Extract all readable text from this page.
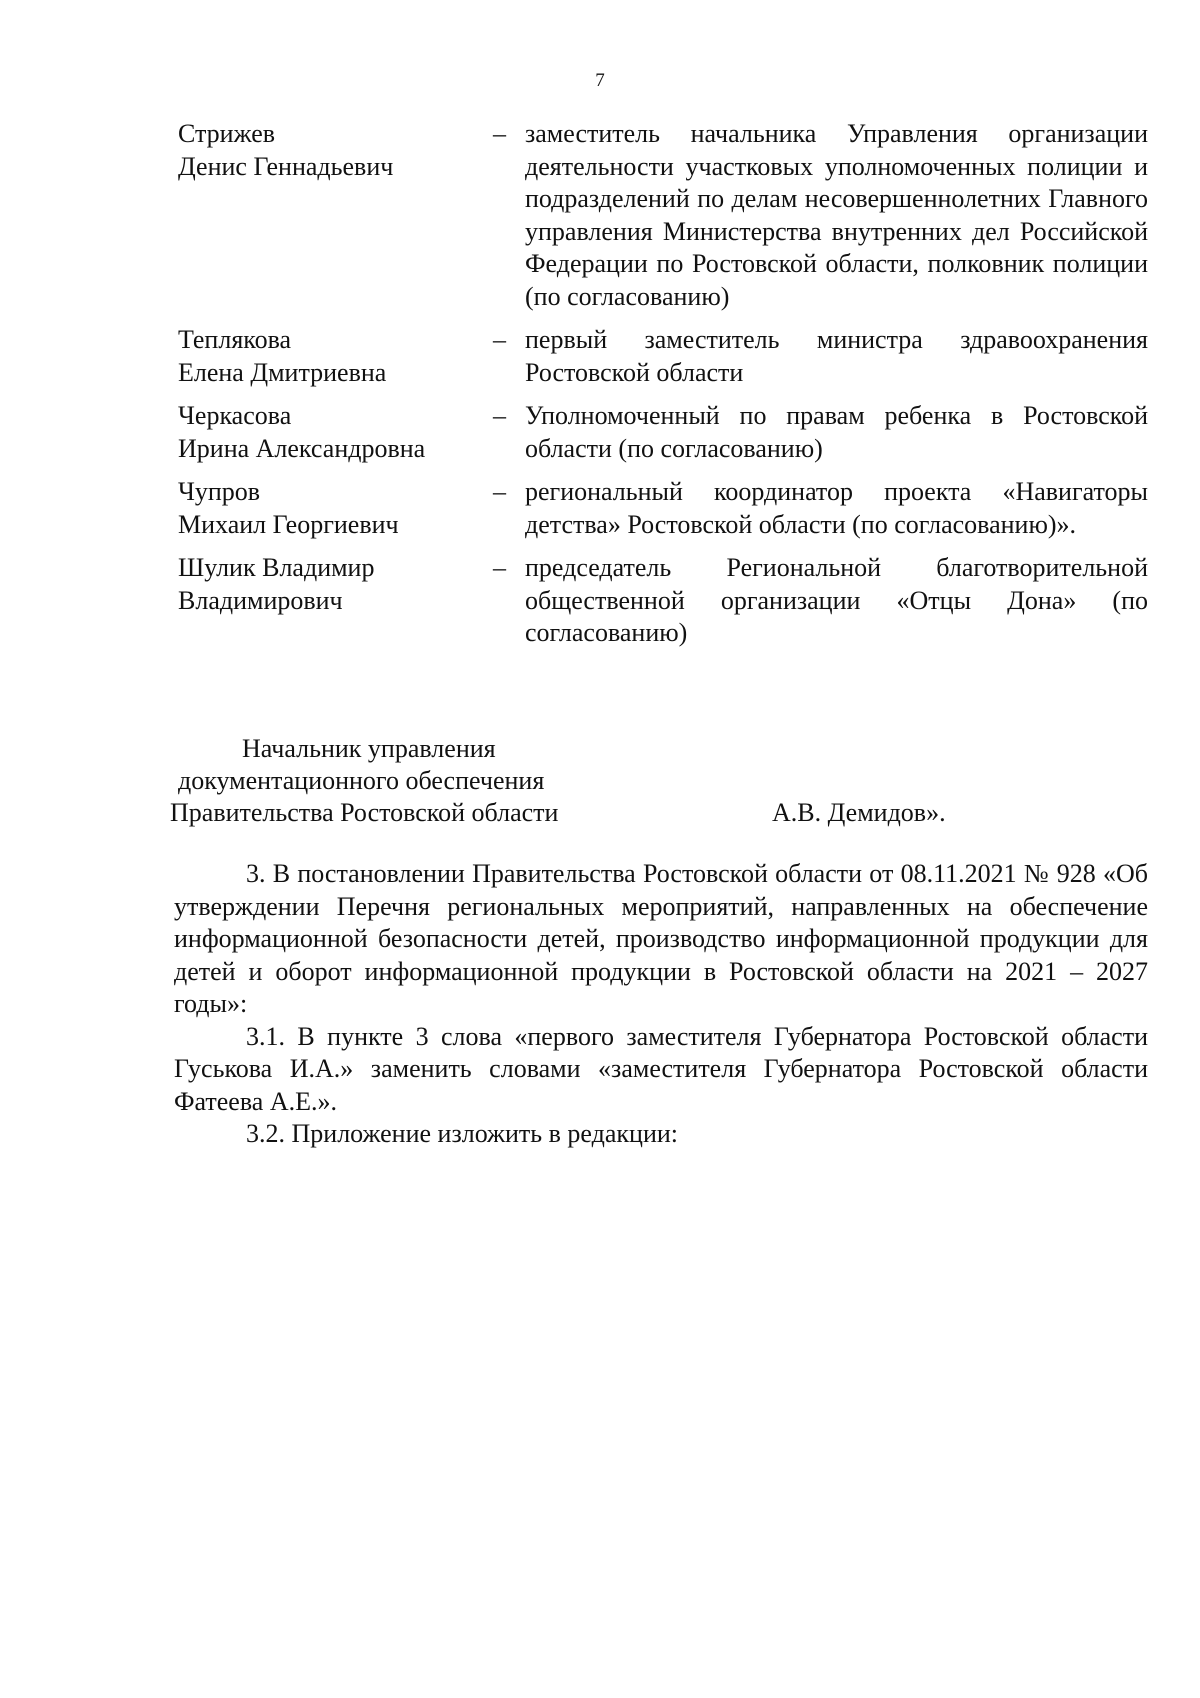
7
Стрижев
Денис Геннадьевич
– заместитель начальника Управления организации деятельности участковых уполномоченных полиции и подразделений по делам несовершеннолетних Главного управления Министерства внутренних дел Российской Федерации по Ростовской области, полковник полиции (по согласованию)
Теплякова
Елена Дмитриевна
– первый заместитель министра здравоохранения Ростовской области
Черкасова
Ирина Александровна
– Уполномоченный по правам ребенка в Ростовской области (по согласованию)
Чупров
Михаил Георгиевич
– региональный координатор проекта «Навигаторы детства» Ростовской области (по согласованию)».
Шулик Владимир
Владимирович
– председатель Региональной благотворительной общественной организации «Отцы Дона» (по согласованию)
Начальник управления
документационного обеспечения
Правительства Ростовской области	А.В. Демидов».

3. В постановлении Правительства Ростовской области от 08.11.2021 № 928 «Об утверждении Перечня региональных мероприятий, направленных на обеспечение информационной безопасности детей, производство информационной продукции для детей и оборот информационной продукции в Ростовской области на 2021 – 2027 годы»:

3.1. В пункте 3 слова «первого заместителя Губернатора Ростовской области Гуськова И.А.» заменить словами «заместителя Губернатора Ростовской области Фатеева А.Е.».

3.2. Приложение изложить в редакции:
